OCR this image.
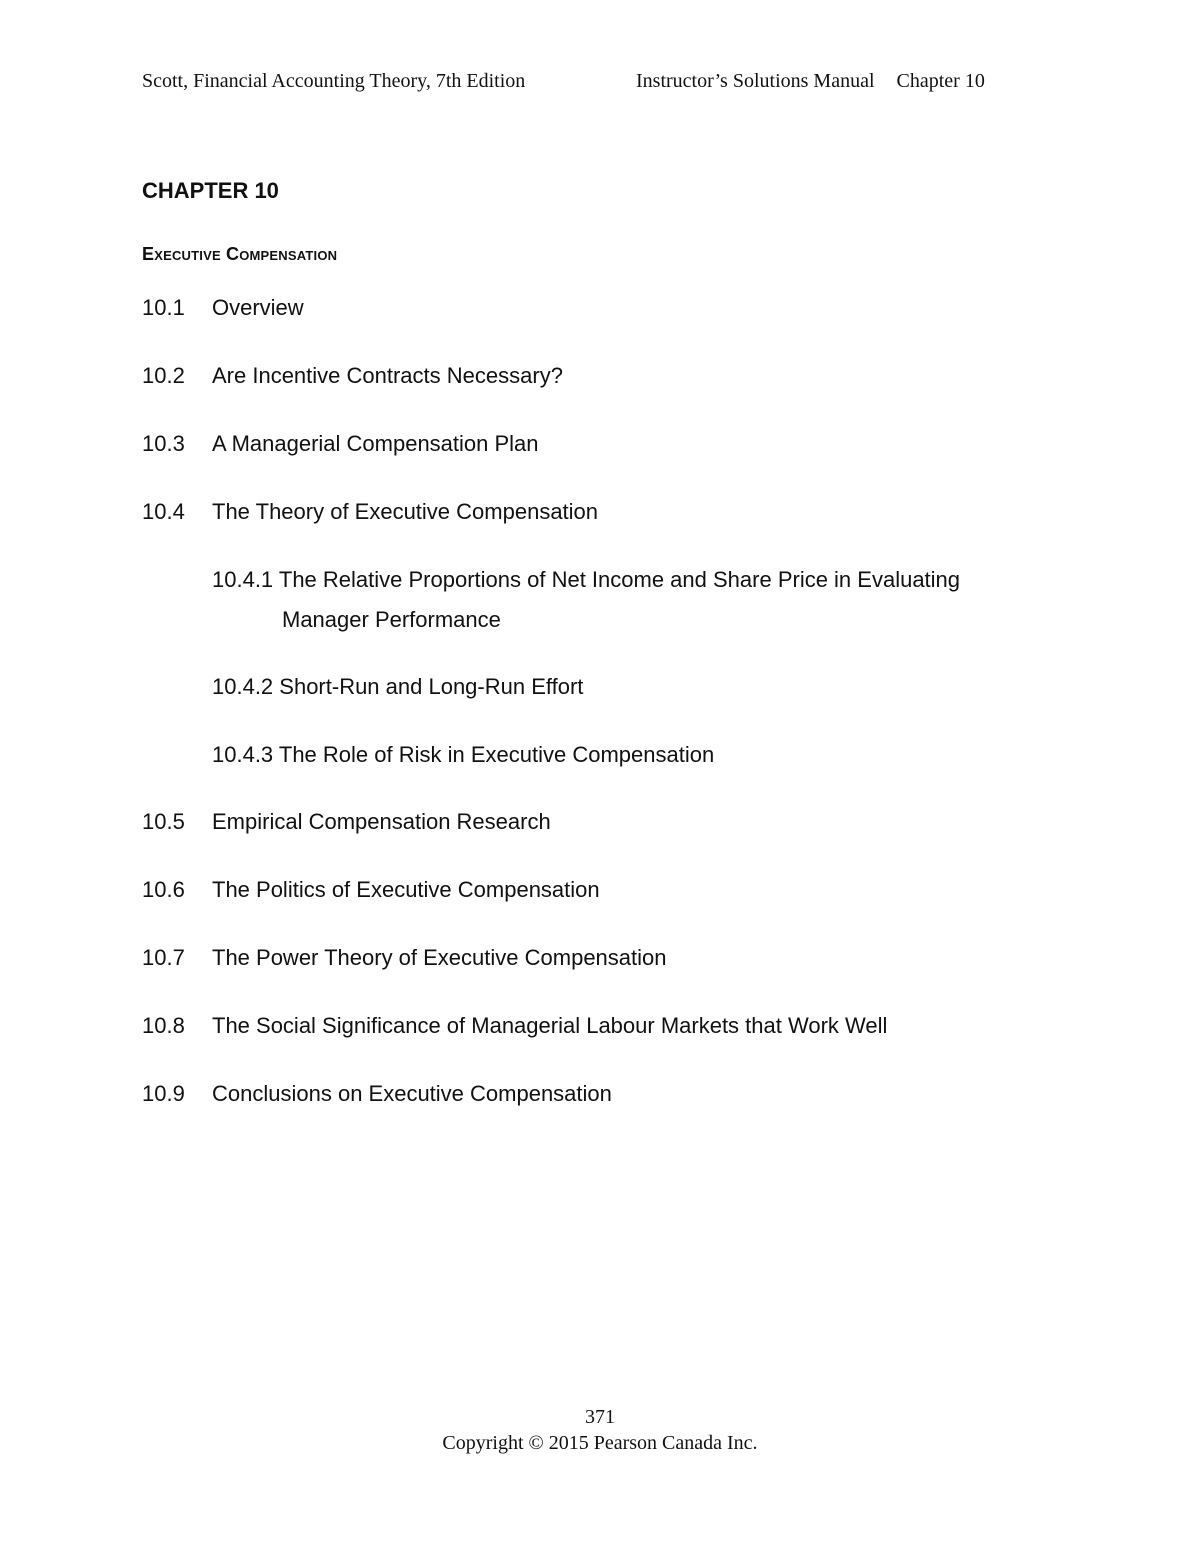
Scott, Financial Accounting Theory, 7th Edition	Instructor’s Solutions Manual Chapter 10
CHAPTER 10
Executive Compensation
10.1 Overview
10.2 Are Incentive Contracts Necessary?
10.3 A Managerial Compensation Plan
10.4 The Theory of Executive Compensation
10.4.1 The Relative Proportions of Net Income and Share Price in Evaluating
Manager Performance
10.4.2 Short-Run and Long-Run Effort
10.4.3 The Role of Risk in Executive Compensation
10.5 Empirical Compensation Research
10.6 The Politics of Executive Compensation
10.7 The Power Theory of Executive Compensation
10.8 The Social Significance of Managerial Labour Markets that Work Well
10.9 Conclusions on Executive Compensation
371
Copyright © 2015 Pearson Canada Inc.
